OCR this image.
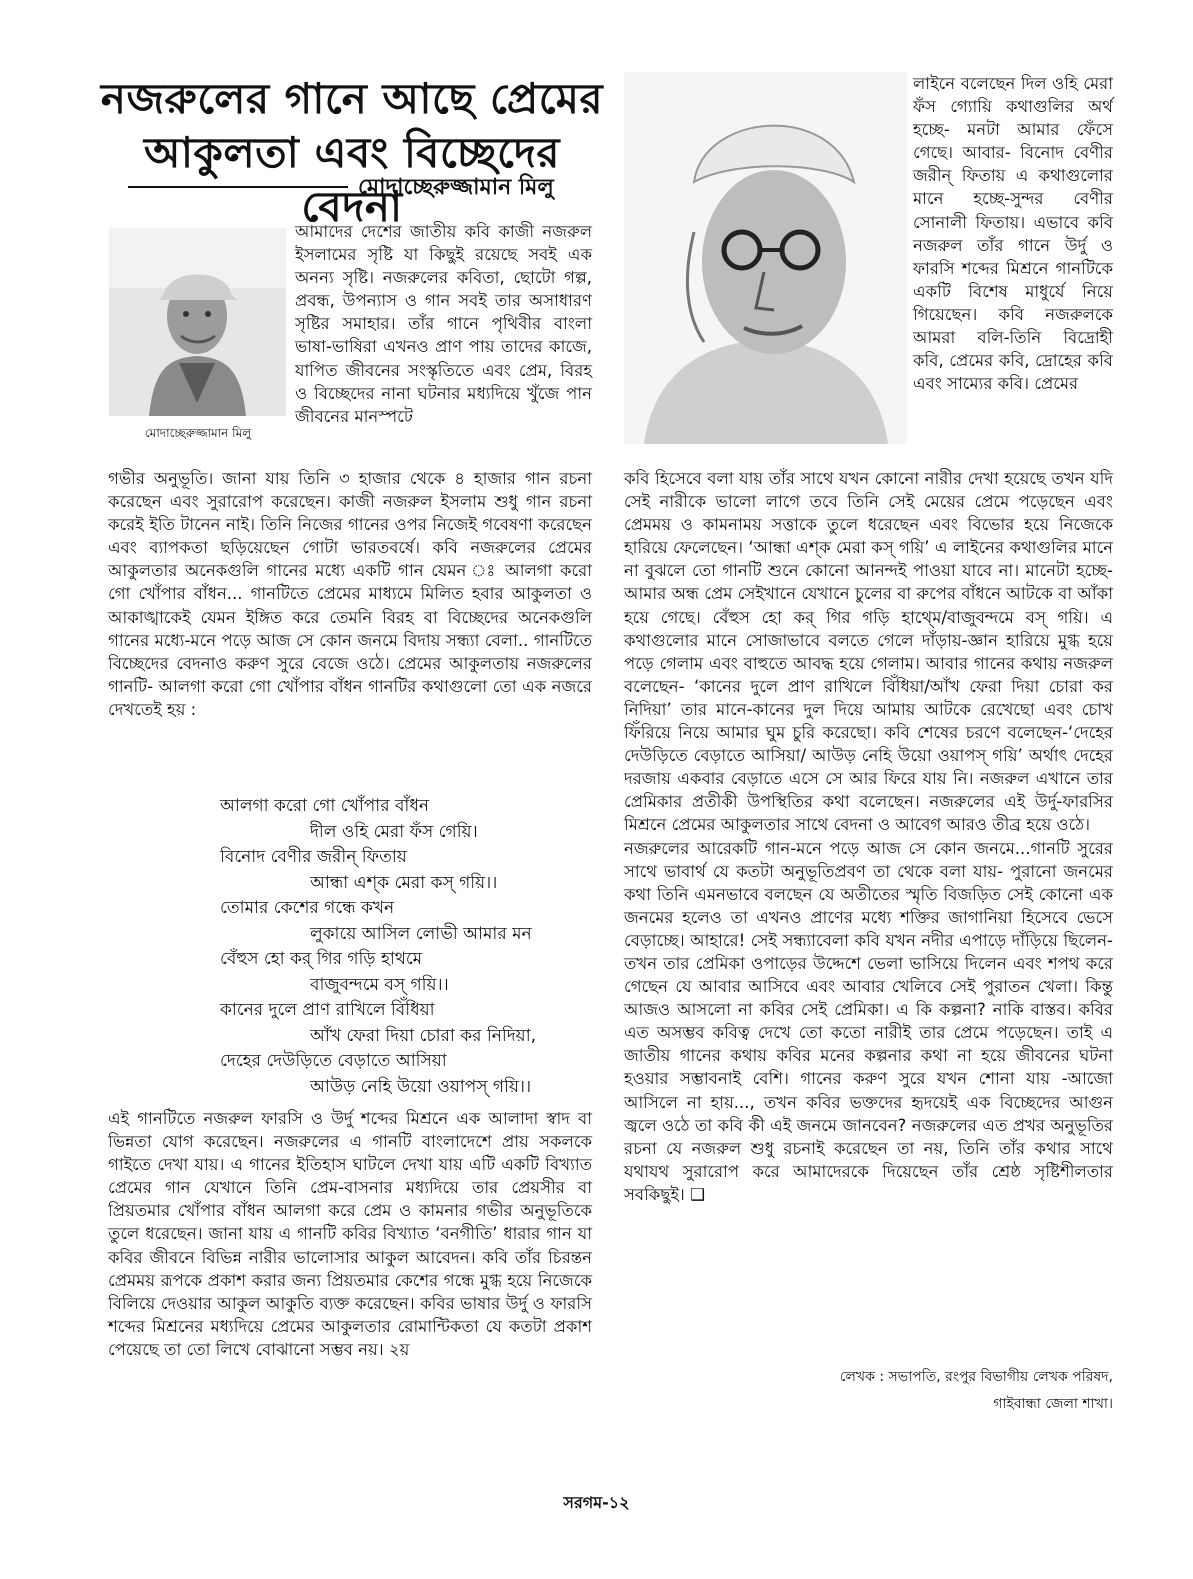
নজরুলের গানে আছে প্রেমের
আকুলতা এবং বিচ্ছেদের বেদনা
মোদাচ্ছেরুজ্জামান মিলু
মোদাচ্ছেরুজ্জামান মিলু

আমাদের দেশের জাতীয় কবি কাজী নজরুল ইসলামের সৃষ্টি যা কিছুই রয়েছে সবই এক অনন্য সৃষ্টি। নজরুলের কবিতা, ছোটো গল্প, প্রবন্ধ, উপন্যাস ও গান সবই তার অসাধারণ সৃষ্টির সমাহার। তাঁর গানে পৃথিবীর বাংলা ভাষা-ভাষিরা এখনও প্রাণ পায় তাদের কাজে, যাপিত জীবনের সংস্কৃতিতে এবং প্রেম, বিরহ ও বিচ্ছেদের নানা ঘটনার মধ্যদিয়ে খুঁজে পান জীবনের মানস্পটে

গভীর অনুভূতি। জানা যায় তিনি ৩ হাজার থেকে ৪ হাজার গান রচনা করেছেন এবং সুরারোপ করেছেন। কাজী নজরুল ইসলাম শুধু গান রচনা করেই ইতি টানেন নাই। তিনি নিজের গানের ওপর নিজেই গবেষণা করেছেন এবং ব্যাপকতা ছড়িয়েছেন গোটা ভারতবর্ষে। কবি নজরুলের প্রেমের আকুলতার অনেকগুলি গানের মধ্যে একটি গান যেমন ঃ আলগা করো গো খোঁপার বাঁধন... গানটিতে প্রেমের মাধ্যমে মিলিত হবার আকুলতা ও আকাঙ্খাকেই যেমন ইঙ্গিত করে তেমনি বিরহ বা বিচ্ছেদের অনেকগুলি গানের মধ্যে-মনে পড়ে আজ সে কোন জনমে বিদায় সন্ধ্যা বেলা.. গানটিতে বিচ্ছেদের বেদনাও করুণ সুরে বেজে ওঠে। প্রেমের আকুলতায় নজরুলের গানটি- আলগা করো গো খোঁপার বাঁধন গানটির কথাগুলো তো এক নজরে দেখতেই হয় :

আলগা করো গো খোঁপার বাঁধন
দীল ওহি মেরা ফঁস গেয়ি।
বিনোদ বেণীর জরীন্ ফিতায়
আন্ধা এশ্ক মেরা কস্ গয়ি।।
তোমার কেশের গন্ধে কখন
লুকায়ে আসিল লোভী আমার মন
বেঁহুস হো কর্ গির গড়ি হাথমে
বাজুবন্দমে বস্ গয়ি।।
কানের দুলে প্রাণ রাখিলে বিঁধিয়া
আঁখ ফেরা দিয়া চোরা কর নিদিয়া,
দেহের দেউড়িতে বেড়াতে আসিয়া
আউড় নেহি উয়ো ওয়াপস্ গয়ি।।

এই গানটিতে নজরুল ফারসি ও উর্দু শব্দের মিশ্রনে এক আলাদা স্বাদ বা ভিন্নতা যোগ করেছেন। নজরুলের এ গানটি বাংলাদেশে প্রায় সকলকে গাইতে দেখা যায়। এ গানের ইতিহাস ঘাটলে দেখা যায় এটি একটি বিখ্যাত প্রেমের গান যেখানে তিনি প্রেম-বাসনার মধ্যদিয়ে তার প্রেয়সীর বা প্রিয়তমার খোঁপার বাঁধন আলগা করে প্রেম ও কামনার গভীর অনুভূতিকে তুলে ধরেছেন। জানা যায় এ গানটি কবির বিখ্যাত ‘বনগীতি’ ধারার গান যা কবির জীবনে বিভিন্ন নারীর ভালোসার আকুল আবেদন। কবি তাঁর চিরন্তন প্রেমময় রূপকে প্রকাশ করার জন্য প্রিয়তমার কেশের গন্ধে মুগ্ধ হয়ে নিজেকে বিলিয়ে দেওয়ার আকুল আকুতি ব্যক্ত করেছেন। কবির ভাষার উর্দু ও ফারসি শব্দের মিশ্রনের মধ্যদিয়ে প্রেমের আকুলতার রোমান্টিকতা যে কতটা প্রকাশ পেয়েছে তা তো লিখে বোঝানো সম্ভব নয়। ২য়

লাইনে বলেছেন দিল ওহি মেরা ফঁস গ্যোয়ি কথাগুলির অর্থ হচ্ছে- মনটা আমার ফেঁসে গেছে। আবার- বিনোদ বেণীর জরীন্ ফিতায় এ কথাগুলোর মানে হচ্ছে-সুন্দর বেণীর সোনালী ফিতায়। এভাবে কবি নজরুল তাঁর গানে উর্দু ও ফারসি শব্দের মিশ্রনে গানটিকে একটি বিশেষ মাধুর্যে নিয়ে গিয়েছেন। কবি নজরুলকে আমরা বলি-তিনি বিদ্রোহী কবি, প্রেমের কবি, দ্রোহের কবি এবং সাম্যের কবি। প্রেমের

কবি হিসেবে বলা যায় তাঁর সাথে যখন কোনো নারীর দেখা হয়েছে তখন যদি সেই নারীকে ভালো লাগে তবে তিনি সেই মেয়ের প্রেমে পড়েছেন এবং প্রেমময় ও কামনাময় সত্তাকে তুলে ধরেছেন এবং বিভোর হয়ে নিজেকে হারিয়ে ফেলেছেন। ‘আন্ধা এশ্ক মেরা কস্ গয়ি’ এ লাইনের কথাগুলির মানে না বুঝলে তো গানটি শুনে কোনো আনন্দই পাওয়া যাবে না। মানেটা হচ্ছে-আমার অন্ধ প্রেম সেইখানে যেখানে চুলের বা রুপের বাঁধনে আটকে বা আঁকা হয়ে গেছে। বেঁহুস হো কর্ গির গড়ি হাথ্মে/বাজুবন্দমে বস্ গয়ি। এ কথাগুলোর মানে সোজাভাবে বলতে গেলে দাঁড়ায়-জ্ঞান হারিয়ে মুগ্ধ হয়ে পড়ে গেলাম এবং বাহুতে আবদ্ধ হয়ে গেলাম। আবার গানের কথায় নজরুল বলেছেন- ‘কানের দুলে প্রাণ রাখিলে বিঁধিয়া/আঁখ ফেরা দিয়া চোরা কর নিদিয়া’ তার মানে-কানের দুল দিয়ে আমায় আটকে রেখেছো এবং চোখ ফিঁরিয়ে নিয়ে আমার ঘুম চুরি করেছো। কবি শেষের চরণে বলেছেন-‘দেহের দেউড়িতে বেড়াতে আসিয়া/ আউড় নেহি উয়ো ওয়াপস্ গয়ি’ অর্থাৎ দেহের দরজায় একবার বেড়াতে এসে সে আর ফিরে যায় নি। নজরুল এখানে তার প্রেমিকার প্রতীকী উপস্থিতির কথা বলেছেন। নজরুলের এই উর্দু-ফারসির মিশ্রনে প্রেমের আকুলতার সাথে বেদনা ও আবেগ আরও তীব্র হয়ে ওঠে।

নজরুলের আরেকটি গান-মনে পড়ে আজ সে কোন জনমে...গানটি সুরের সাথে ভাবার্থ যে কতটা অনুভূতিপ্রবণ তা থেকে বলা যায়- পুরানো জনমের কথা তিনি এমনভাবে বলছেন যে অতীতের স্মৃতি বিজড়িত সেই কোনো এক জনমের হলেও তা এখনও প্রাণের মধ্যে শক্তির জাগানিয়া হিসেবে ভেসে বেড়াচ্ছে। আহারে! সেই সন্ধ্যাবেলা কবি যখন নদীর এপাড়ে দাঁড়িয়ে ছিলেন-তখন তার প্রেমিকা ওপাড়ের উদ্দেশে ভেলা ভাসিয়ে দিলেন এবং শপথ করে গেছেন যে আবার আসিবে এবং আবার খেলিবে সেই পুরাতন খেলা। কিন্তু আজও আসলো না কবির সেই প্রেমিকা। এ কি কল্পনা? নাকি বাস্তব। কবির এত অসম্ভব কবিত্ব দেখে তো কতো নারীই তার প্রেমে পড়েছেন। তাই এ জাতীয় গানের কথায় কবির মনের কল্পনার কথা না হয়ে জীবনের ঘটনা হওয়ার সম্ভাবনাই বেশি। গানের করুণ সুরে যখন শোনা যায় -আজো আসিলে না হায়..., তখন কবির ভক্তদের হৃদয়েই এক বিচ্ছেদের আগুন জ্বলে ওঠে তা কবি কী এই জনমে জানবেন? নজরুলের এত প্রখর অনুভূতির রচনা যে নজরুল শুধু রচনাই করেছেন তা নয়, তিনি তাঁর কথার সাথে যথাযথ সুরারোপ করে আমাদেরকে দিয়েছেন তাঁর শ্রেষ্ঠ সৃষ্টিশীলতার সবকিছুই। ❑

লেখক : সভাপতি, রংপুর বিভাগীয় লেখক পরিষদ,
গাইবান্ধা জেলা শাখা।
সরগম-১২
